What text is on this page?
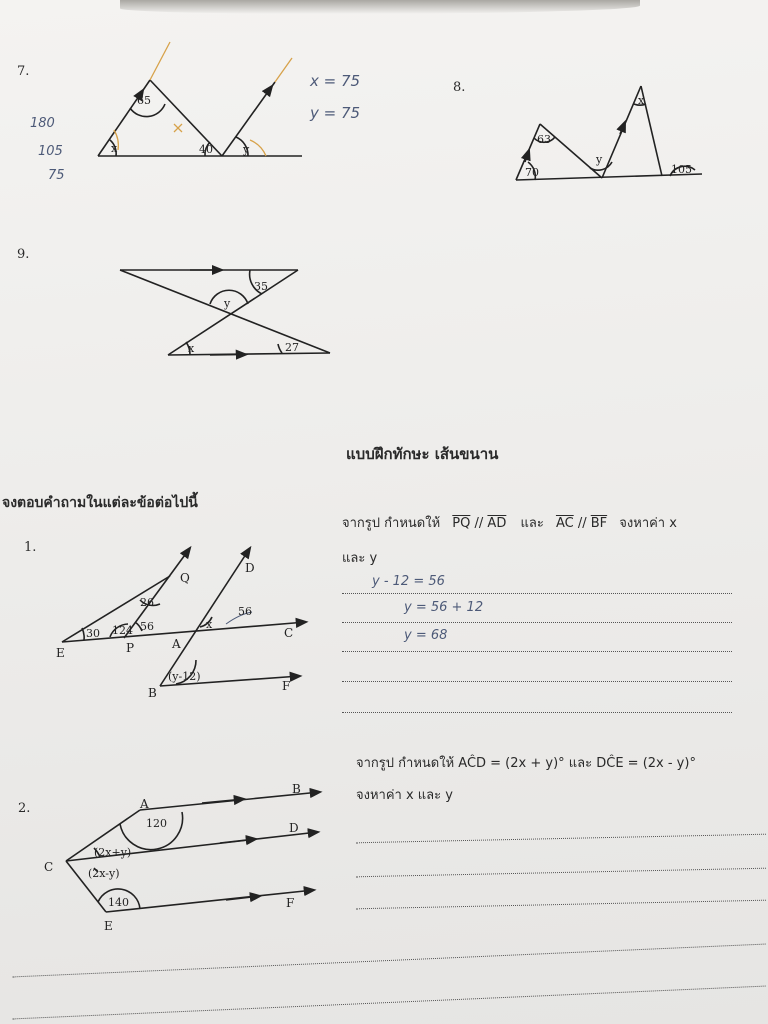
7.
8.
9.
x = 75
y = 75
180
105
75
แบบฝึกทักษะ เส้นขนาน
จงตอบคำถามในแต่ละข้อต่อไปนี้
1.
จากรูป กำหนดให้ $\overline{PQ} // \overline{AD}$ และ $\overline{AC} // \overline{BF}$ จงหาค่า x
และ y
y - 12 = 56
y = 56 + 12
y = 68
2.
จากรูป กำหนดให้ AĈD = (2x + y)° และ DĈE = (2x - y)°
จงหาค่า x และ y
65
x	40	y
63
70
y
x
105
35
y
x	27
Q
D
E	P	A
C
B	F
26
30 124 56	x
(y-12)
56
A
B
D
C
E
F
120
(2x+y)
(2x-y)
140
